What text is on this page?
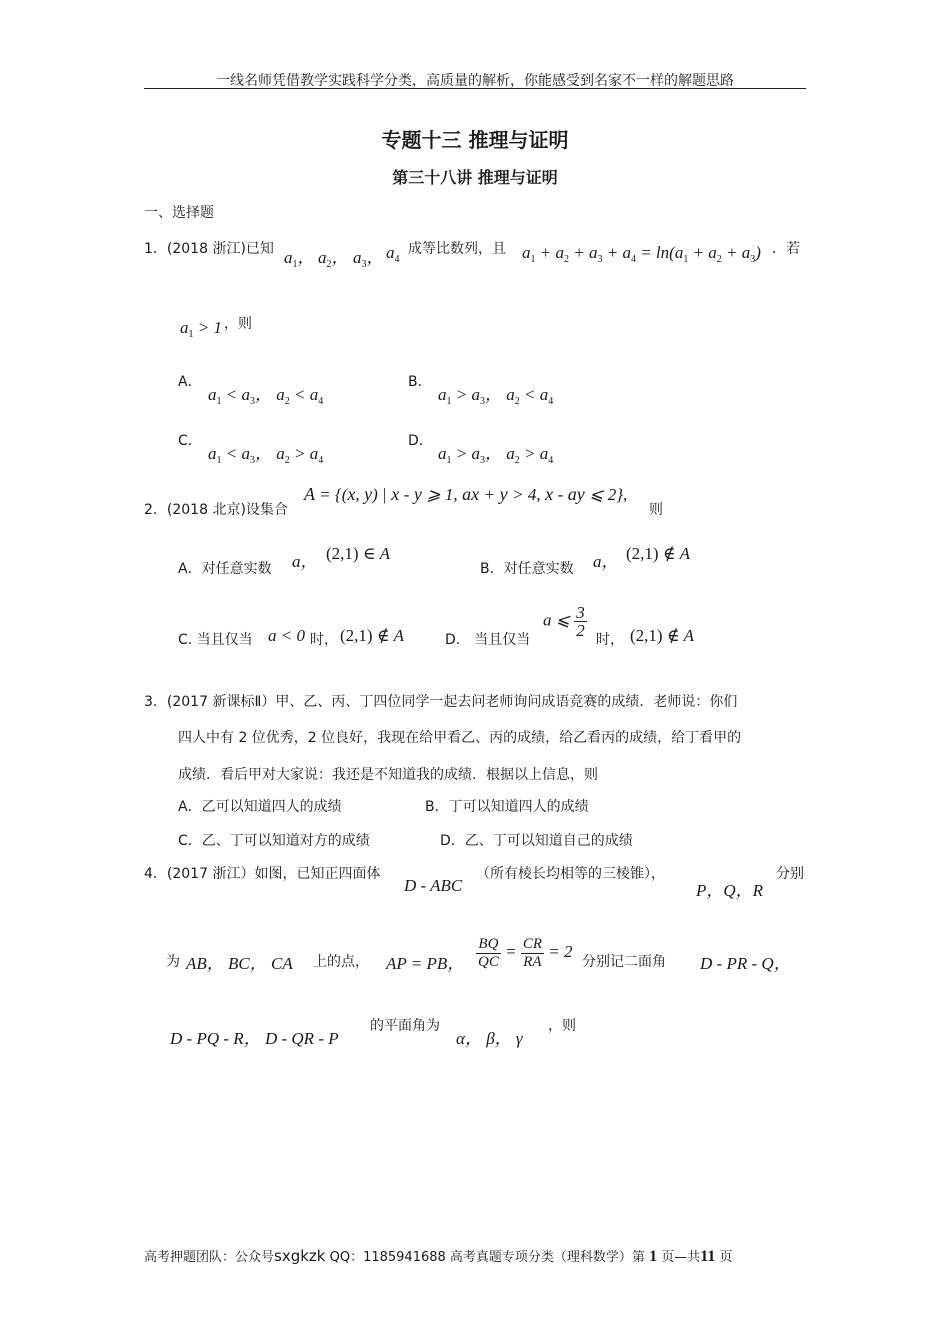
一线名师凭借教学实践科学分类，高质量的解析，你能感受到名家不一样的解题思路
专题十三 推理与证明
第三十八讲 推理与证明
一、选择题
1．(2018 浙江)已知 $a_1$， $a_2$， $a_3$， $a_4$
成等比数列，且 $a_1 + a_2 + a_3 + a_4 = \ln(a_1 + a_2 + a_3)$ ．若
$a_1 > 1$ ，则
A．
$a_1 < a_3$， $a_2 < a_4$
B．
$a_1 > a_3$， $a_2 < a_4$
C．
$a_1 < a_3$， $a_2 > a_4$
D．
$a_1 > a_3$， $a_2 > a_4$
2．(2018 北京)设集合
A = {(x, y) | x - y ⩾ 1, ax + y > 4, x - ay ⩽ 2},
则
A．对任意实数 a， (2,1) ∈ A
B．对任意实数 a， (2,1) ∉ A
C. 当且仅当 a < 0 时， (2,1) ∉ A	D． 当且仅当
a ⩽ $\frac{3}{2}$
时， (2,1) ∉ A
3．(2017 新课标Ⅱ）甲、乙、丙、丁四位同学一起去问老师询问成语竞赛的成绩．老师说：你们
四人中有 2 位优秀，2 位良好，我现在给甲看乙、丙的成绩，给乙看丙的成绩，给丁看甲的
成绩．看后甲对大家说：我还是不知道我的成绩．根据以上信息，则
A．乙可以知道四人的成绩	B．丁可以知道四人的成绩
C．乙、丁可以知道对方的成绩	D．乙、丁可以知道自己的成绩
4．(2017 浙江）如图，已知正四面体
D - ABC
（所有棱长均相等的三棱锥），
P，Q，R
分别
为 AB， BC， CA 上的点， AP = PB， $\frac{BQ}{QC} = \frac{CR}{RA} = 2$
分别记二面角 D - PR - Q，
D - PQ - R， D - QR - P
的平面角为
α， β， γ
，则
高考押题团队：公众号sxgkzk QQ：1185941688 高考真题专项分类（理科数学）第 1 页—共11 页
